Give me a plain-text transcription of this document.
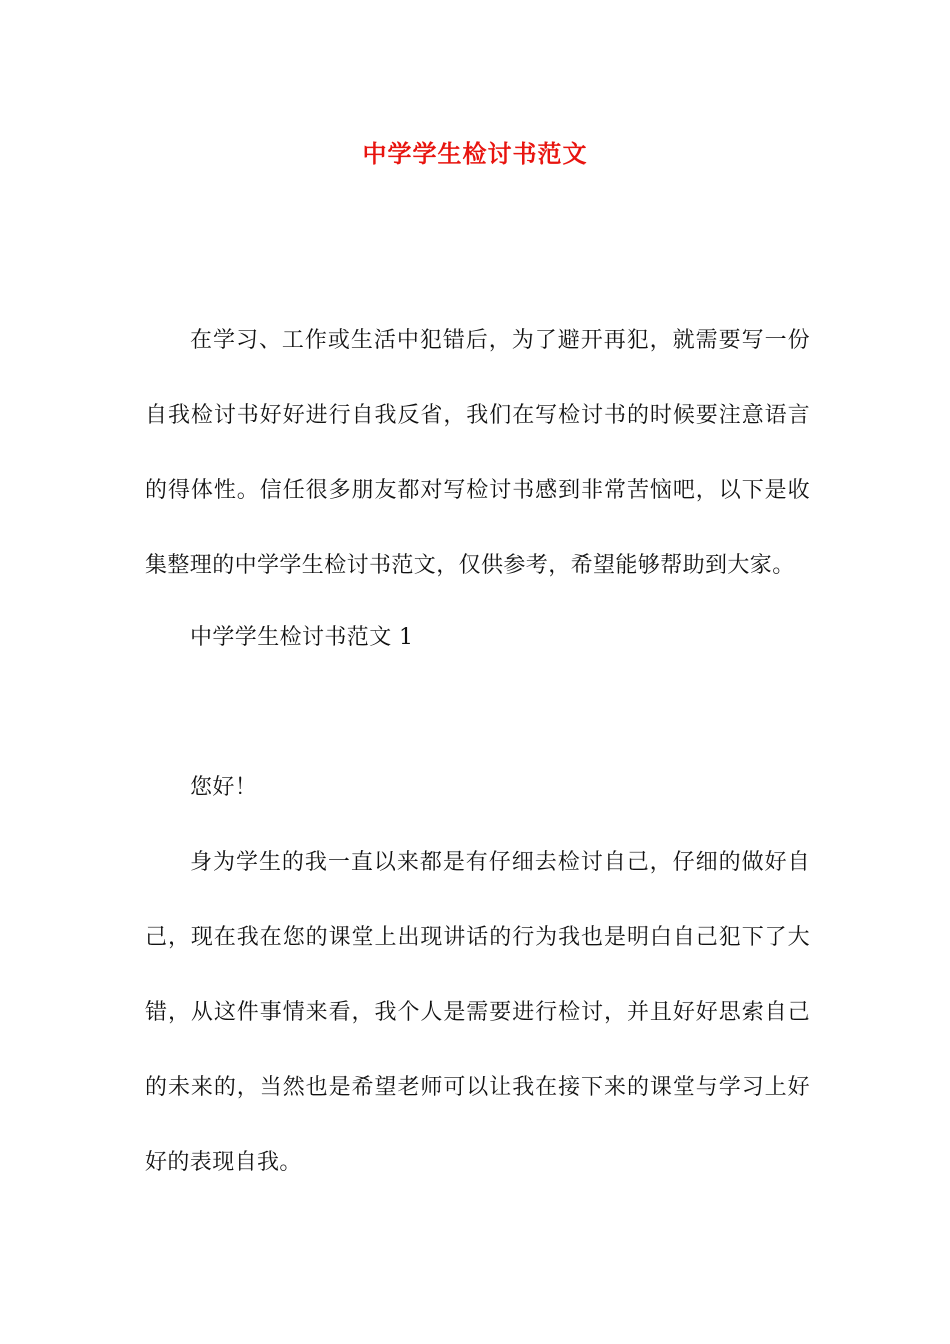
中学学生检讨书范文

在学习、工作或生活中犯错后，为了避开再犯，就需要写一份自我检讨书好好进行自我反省，我们在写检讨书的时候要注意语言的得体性。信任很多朋友都对写检讨书感到非常苦恼吧，以下是收集整理的中学学生检讨书范文，仅供参考，希望能够帮助到大家。

中学学生检讨书范文 1

您好！

身为学生的我一直以来都是有仔细去检讨自己，仔细的做好自己，现在我在您的课堂上出现讲话的行为我也是明白自己犯下了大错，从这件事情来看，我个人是需要进行检讨，并且好好思索自己的未来的，当然也是希望老师可以让我在接下来的课堂与学习上好好的表现自我。
